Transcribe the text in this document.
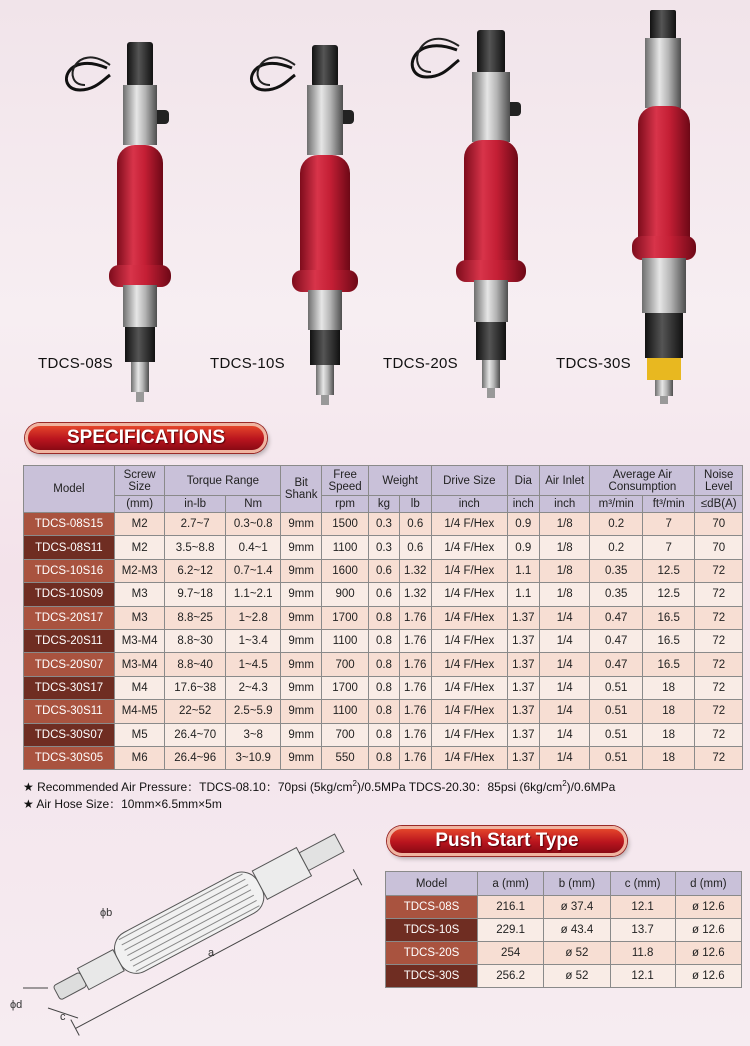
TDCS-08S	TDCS-10S	TDCS-20S	TDCS-30S
SPECIFICATIONS
Model	Screw Size	Torque Range		Bit Shank	Free Speed	Weight		Drive Size	Dia	Air Inlet	Average Air Consumption		Noise Level
	(mm)	in-lb	Nm		rpm	kg	lb	inch	inch	inch	m³/min	ft³/min	≤dB(A)
TDCS-08S15	M2	2.7~7	0.3~0.8	9mm	1500	0.3	0.6	1/4 F/Hex	0.9	1/8	0.2	7	70
TDCS-08S11	M2	3.5~8.8	0.4~1	9mm	1100	0.3	0.6	1/4 F/Hex	0.9	1/8	0.2	7	70
TDCS-10S16	M2-M3	6.2~12	0.7~1.4	9mm	1600	0.6	1.32	1/4 F/Hex	1.1	1/8	0.35	12.5	72
TDCS-10S09	M3	9.7~18	1.1~2.1	9mm	900	0.6	1.32	1/4 F/Hex	1.1	1/8	0.35	12.5	72
TDCS-20S17	M3	8.8~25	1~2.8	9mm	1700	0.8	1.76	1/4 F/Hex	1.37	1/4	0.47	16.5	72
TDCS-20S11	M3-M4	8.8~30	1~3.4	9mm	1100	0.8	1.76	1/4 F/Hex	1.37	1/4	0.47	16.5	72
TDCS-20S07	M3-M4	8.8~40	1~4.5	9mm	700	0.8	1.76	1/4 F/Hex	1.37	1/4	0.47	16.5	72
TDCS-30S17	M4	17.6~38	2~4.3	9mm	1700	0.8	1.76	1/4 F/Hex	1.37	1/4	0.51	18	72
TDCS-30S11	M4-M5	22~52	2.5~5.9	9mm	1100	0.8	1.76	1/4 F/Hex	1.37	1/4	0.51	18	72
TDCS-30S07	M5	26.4~70	3~8	9mm	700	0.8	1.76	1/4 F/Hex	1.37	1/4	0.51	18	72
TDCS-30S05	M6	26.4~96	3~10.9	9mm	550	0.8	1.76	1/4 F/Hex	1.37	1/4	0.51	18	72
★ Recommended Air Pressure：TDCS-08.10：70psi $(5kg/cm^2)/0.5MPa$ TDCS-20.30：85psi $(6kg/cm^2)/0.6MPa$
★ Air Hose Size：10mm×6.5mm×5m
a
ϕb
c
ϕd
Push Start Type
Model	a (mm)	b (mm)	c (mm)	d (mm)
TDCS-08S	216.1	ø 37.4	12.1	ø 12.6
TDCS-10S	229.1	ø 43.4	13.7	ø 12.6
TDCS-20S	254	ø 52	11.8	ø 12.6
TDCS-30S	256.2	ø 52	12.1	ø 12.6
